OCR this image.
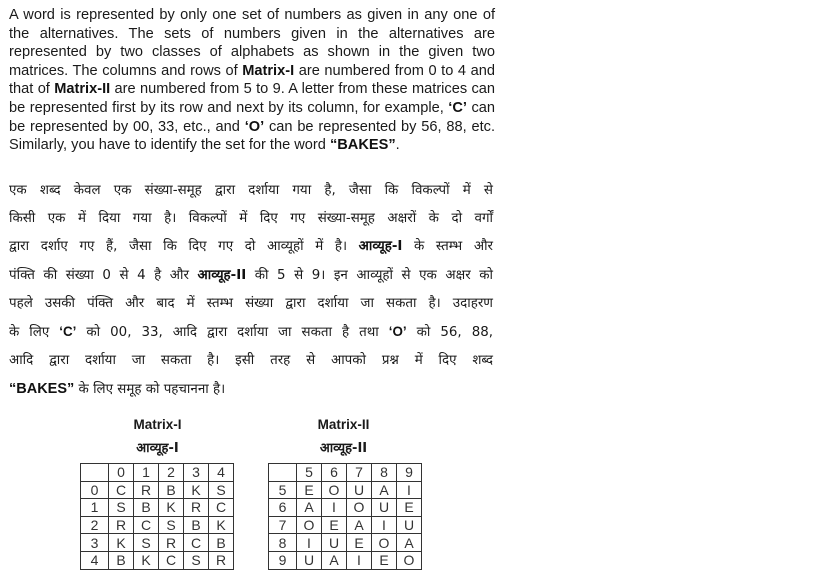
A word is represented by only one set of numbers as given in any one of
the alternatives. The sets of numbers given in the alternatives are
represented by two classes of alphabets as shown in the given two
matrices. The columns and rows of Matrix-I are numbered from 0 to 4 and
that of Matrix-II are numbered from 5 to 9. A letter from these matrices can
be represented first by its row and next by its column, for example, ‘C’ can
be represented by 00, 33, etc., and ‘O’ can be represented by 56, 88, etc.
Similarly, you have to identify the set for the word “BAKES”.
एक शब्द केवल एक संख्या-समूह द्वारा दर्शाया गया है, जैसा कि विकल्पों में से
किसी एक में दिया गया है। विकल्पों में दिए गए संख्या-समूह अक्षरों के दो वर्गों
द्वारा दर्शाए गए हैं, जैसा कि दिए गए दो आव्यूहों में है। आव्यूह-I के स्तम्भ और
पंक्ति की संख्या 0 से 4 है और आव्यूह-II की 5 से 9। इन आव्यूहों से एक अक्षर को
पहले उसकी पंक्ति और बाद में स्तम्भ संख्या द्वारा दर्शाया जा सकता है। उदाहरण
के लिए ‘C’ को 00, 33, आदि द्वारा दर्शाया जा सकता है तथा ‘O’ को 56, 88,
आदि द्वारा दर्शाया जा सकता है। इसी तरह से आपको प्रश्न में दिए शब्द
“BAKES” के लिए समूह को पहचानना है।
Matrix-I
आव्यूह-I
	0	1	2	3	4
0	C	R	B	K	S
1	S	B	K	R	C
2	R	C	S	B	K
3	K	S	R	C	B
4	B	K	C	S	R
Matrix-II
आव्यूह-II
	5	6	7	8	9
5	E	O	U	A	I
6	A	I	O	U	E
7	O	E	A	I	U
8	I	U	E	O	A
9	U	A	I	E	O
